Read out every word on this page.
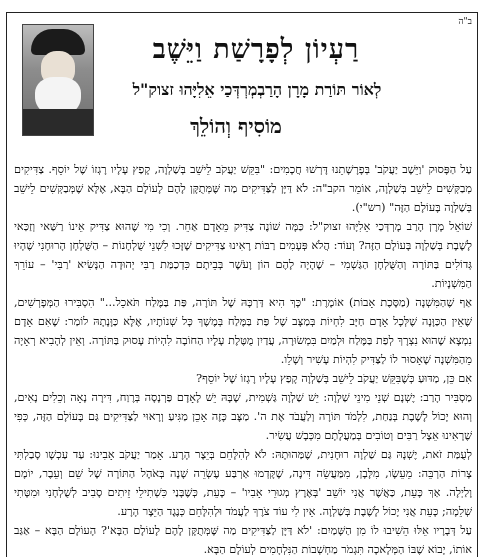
ב"ה
רַעְיוֹן לְפָרָשַׁת וַיֵּשֶׁב
לְאוֹר תּוֹרַת מָרָן הָרַבְמְרְדְּכַי אֵלִיָּהוּ זצוק"ל
מוֹסִיף וְהוֹלֵךְ

עַל הַפָּסוּק 'וַיֵּשֶׁב יַעֲקֹב' בְּפָרָשָׁתֵנוּ דָּרְשׁוּ חֲכָמִים: "בִּקֵּשׁ יַעֲקֹב לֵישֵׁב בְּשַׁלְוָה, קָפַץ עָלָיו רָגְזוֹ שֶׁל יוֹסֵף. צַדִּיקִים מְבַקְּשִׁים לֵישֵׁב בְּשַׁלְוָה, אוֹמֵר הקב"ה: לֹא דַּיָּן לַצַּדִּיקִים מַה שֶּׁמְּתֻקָּן לָהֶם לָעוֹלָם הַבָּא, אֶלָּא שֶׁמְּבַקְּשִׁים לֵישֵׁב בְּשַׁלְוָה בָּעוֹלָם הַזֶּה" (רש"י).

שׁוֹאֵל מָרָן הָרַב מָרְדְּכַי אֵלִיָּהוּ זצוק"ל: כַּמָּה שׁוֹנֶה צַדִּיק מֵאָדָם אַחֵר. וְכִי מִי שֶׁהוּא צַדִּיק אֵינוֹ רַשַּׁאי וְזַכַּאי לָשֶׁבֶת בְּשַׁלְוָה בָּעוֹלָם הַזֶּה? וְעוֹד: הֲלֹא פְּעָמִים רַבּוֹת רָאִינוּ צַדִּיקִים שֶׁזָּכוּ לִשְׁנֵי שֻׁלְחָנוֹת – הַשֻּׁלְחָן הָרוּחָנִי שֶׁהָיוּ גְּדוֹלִים בַּתּוֹרָה וְהַשֻּׁלְחָן הַגַּשְׁמִי – שֶׁהָיָה לָהֶם הוֹן וָעֹשֶׁר בְּבֵיתָם כִּדְכַמַּת רַבִּי יְהוּדָה הַנָּשִׂיא 'רַבִּי' – עוֹרֵךְ הַמִּשְׁנָיוֹת.

אַף שֶׁהַמִּשְׁנָה (מַסֶּכֶת אָבוֹת) אוֹמֶרֶת: "כָּךְ הִיא דַּרְכָּהּ שֶׁל תּוֹרָה, פַּת בַּמֶּלַח תֹּאכֵל..." הִסְבִּירוּ הַמְּפָרְשִׁים, שֶׁאֵין הַכַּוָּנָה שֶׁלְּכָל אָדָם חַיָּב לִחְיוֹת בְּמַצָּב שֶׁל פַּת בַּמֶּלַח בְּמֶשֶׁךְ כָּל שְׁנוֹתָיו, אֶלָּא כַּוָּנָתָהּ לוֹמַר: שֶׁאִם אָדָם נִמְצָא שֶׁהוּא נִצְרָךְ לְפַת בַּמֶּלַח וּלְמַיִם בִּמְשׂוּרָה, עֲדַיִן מֻטֶּלֶת עָלָיו הַחוֹבָה לִהְיוֹת עָסוּק בַּתּוֹרָה. וְאֵין לְהָבִיא רְאָיָה מֵהַמִּשְׁנָה שֶׁאָסוּר לוֹ לַצַּדִּיק לִהְיוֹת עָשִׁיר וְשָׁלֵו.

אִם כֵּן, מַדּוּעַ כְּשֶׁבִּקֵּשׁ יַעֲקֹב לֵישֵׁב בְּשַׁלְוָה קָפַץ עָלָיו רָגְזוֹ שֶׁל יוֹסֵף?

מַסְבִּיר הָרַב: יֶשְׁנָם שְׁנֵי מִינֵי שַׁלְוָה: יֵשׁ שַׁלְוָה גַּשְׁמִית, שֶׁבָּהּ יֵשׁ לָאָדָם פַּרְנָסָה בְּרֶוַח, דִּירָה נָאָה וְכֵלִים נָאִים, וְהוּא יָכוֹל לָשֶׁבֶת בְּנַחַת, לִלְמֹד תּוֹרָה וְלַעֲבֹד אֶת ה'. מַצָּב כָּזֶה אָכֵן מַגִּיעַ וְרָאוּי לַצַּדִּיקִים גַּם בָּעוֹלָם הַזֶּה, כְּפִי שֶׁרָאִינוּ אֵצֶל רַבִּים וְטוֹבִים בְּמַעֲלָתָם מִכְּבָשׁ עֲשִׂיר.

לְעֻמַּת זֹאת, יֶשְׁנָהּ גַּם שַׁלְוָה רוּחָנִית, שֶׁמַּהוּתָהּ: לֹא לְהִלָּחֵם בְּיֵצֶר הָרָע. אָמַר יַעֲקֹב אָבִינוּ: עַד עַכְשָׁו סָבַלְתִּי צָרוֹת הַרְבֵּה: מֵעֵשָׂו, מִלָּבָן, מִמַּעֲשֵׂה דִּינָה, שֶׁקָּדְמוּ אַרְבַּע עֶשְׂרֵה שָׁנָה בְּאֹהֶל הַתּוֹרָה שֶׁל שֵׁם וְעֵבֶר, יוֹמָם וָלַיְלָה. אַךְ כָּעֵת, כַּאֲשֶׁר אֲנִי יוֹשֵׁב 'בְּאֶרֶץ מְגוּרֵי אָבִיו' – כָּעֵת, כְּשֶׁבָּנַי כִּשְׁתִילֵי זֵיתִים סָבִיב לְשֻׁלְחָנִי וּמִטָּתִי שְׁלֵמָה; כָּעֵת אֲנִי יָכוֹל לָשֶׁבֶת בְּשַׁלְוָה. אֵין לִי עוֹד צֹרֶךְ לַעֲמֹד וּלְהִלָּחֵם כְּנֶגֶד הַיֵּצֶר הָרָע.

עַל דְּבָרָיו אֵלּוּ הֵשִׁיבוּ לוֹ מִן הַשָּׁמַיִם: 'לֹא דַּיָּן לַצַּדִּיקִים מַה שֶּׁמְּתֻקָּן לָהֶם לָעוֹלָם הַבָּא'? הָעוֹלָם הַבָּא – אַגַּב אוֹתוֹ, יָבוֹא שֶׁבּוֹ הַמְּלָאכָה תִּגְמֹר מַחְשְׁבוֹת הַנִּלְחָמִים לְעוֹלָם הַבָּא.
